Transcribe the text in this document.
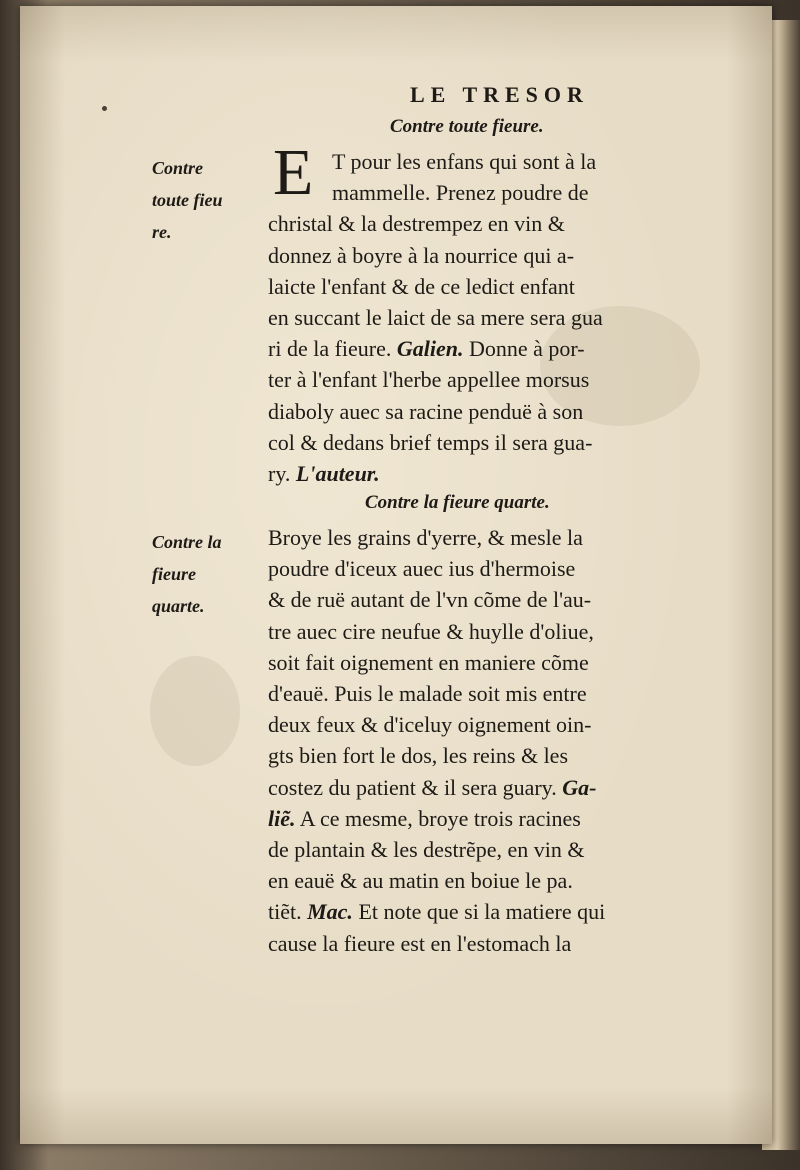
LE TRESOR
Contre toute fieure.
Contre
toute fieu
re.
E T pour les enfans qui sont à la
mammelle. Prenez poudre de
christal & la destrempez en vin &
donnez à boyre à la nourrice qui a-
laicte l'enfant & de ce ledict enfant
en suссant le laict de sa mere sera gua
ri de la fieure. Galien. Donne à por-
ter à l'enfant l'herbe appellee morsus
diaboly auec sa racine penduë à son
col & dedans brief temps il sera gua-
ry. L'auteur.
Contre la fieure quarte.
Contre la
fieure
quarte.
Broye les grains d'yerre, & mesle la
poudre d'iceux auec ius d'hermoise
& de ruë autant de l'vn cõme de l'au-
tre auec cire neufue & huylle d'oliue,
soit fait oignement en maniere cõme
d'eauë. Puis le malade soit mis entre
deux feux & d'iceluy oignement oin-
gts bien fort le dos, les reins & les
costez du patient & il sera guary. Ga-
liẽ. A ce mesme, broye trois racines
de plantain & les destrẽpe, en vin &
en eauë & au matin en boiue le pa.
tiẽt. Mac. Et note que si la matiere qui
cause la fieure est en l'estomach la
